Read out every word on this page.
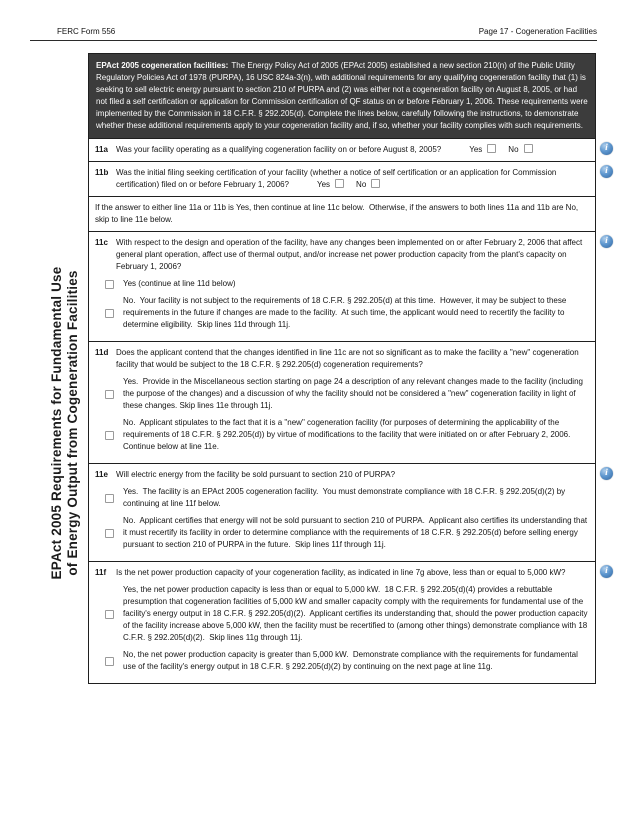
FERC Form 556	Page 17 - Cogeneration Facilities
EPAct 2005 Requirements for Fundamental Use of Energy Output from Cogeneration Facilities
EPAct 2005 cogeneration facilities: The Energy Policy Act of 2005 (EPAct 2005) established a new section 210(n) of the Public Utility Regulatory Policies Act of 1978 (PURPA), 16 USC 824a-3(n), with additional requirements for any qualifying cogeneration facility that (1) is seeking to sell electric energy pursuant to section 210 of PURPA and (2) was either not a cogeneration facility on August 8, 2005, or had not filed a self certification or application for Commission certification of QF status on or before February 1, 2006. These requirements were implemented by the Commission in 18 C.F.R. § 292.205(d). Complete the lines below, carefully following the instructions, to demonstrate whether these additional requirements apply to your cogeneration facility and, if so, whether your facility complies with such requirements.
11a	Was your facility operating as a qualifying cogeneration facility on or before August 8, 2005?	Yes	No	i
11b Was the initial filing seeking certification of your facility (whether a notice of self certification or an application for Commission certification) filed on or before February 1, 2006?	Yes	No
i
If the answer to either line 11a or 11b is Yes, then continue at line 11c below.  Otherwise, if the answers to both lines 11a and 11b are No, skip to line 11e below.
11c	With respect to the design and operation of the facility, have any changes been implemented on or after February 2, 2006 that affect general plant operation, affect use of thermal output, and/or increase net power production capacity from the plant's capacity on February 1, 2006?
Yes (continue at line 11d below)
No.  Your facility is not subject to the requirements of 18 C.F.R. § 292.205(d) at this time.  However, it may be subject to these requirements in the future if changes are made to the facility.  At such time, the applicant would need to recertify the facility to determine eligibility.  Skip lines 11d through 11j.
i
11d Does the applicant contend that the changes identified in line 11c are not so significant as to make the facility a "new" cogeneration facility that would be subject to the 18 C.F.R. § 292.205(d) cogeneration requirements?
Yes.  Provide in the Miscellaneous section starting on page 24 a description of any relevant changes made to the facility (including the purpose of the changes) and a discussion of why the facility should not be considered a "new" cogeneration facility in light of these changes. Skip lines 11e through 11j.
No.  Applicant stipulates to the fact that it is a "new" cogeneration facility (for purposes of determining the applicability of the requirements of 18 C.F.R. § 292.205(d)) by virtue of modifications to the facility that were initiated on or after February 2, 2006.  Continue below at line 11e.
11e	Will electric energy from the facility be sold pursuant to section 210 of PURPA?
Yes.  The facility is an EPAct 2005 cogeneration facility.  You must demonstrate compliance with 18 C.F.R. § 292.205(d)(2) by continuing at line 11f below.
No.  Applicant certifies that energy will not be sold pursuant to section 210 of PURPA.  Applicant also certifies its understanding that it must recertify its facility in order to determine compliance with the requirements of 18 C.F.R. § 292.205(d) before selling energy pursuant to section 210 of PURPA in the future.  Skip lines 11f through 11j.
i
11f	Is the net power production capacity of your cogeneration facility, as indicated in line 7g above, less than or equal to 5,000 kW?
Yes, the net power production capacity is less than or equal to 5,000 kW.  18 C.F.R. § 292.205(d)(4) provides a rebuttable presumption that cogeneration facilities of 5,000 kW and smaller capacity comply with the requirements for fundamental use of the facility's energy output in 18 C.F.R. § 292.205(d)(2).  Applicant certifies its understanding that, should the power production capacity of the facility increase above 5,000 kW, then the facility must be recertified to (among other things) demonstrate compliance with 18 C.F.R. § 292.205(d)(2).  Skip lines 11g through 11j.
No, the net power production capacity is greater than 5,000 kW.  Demonstrate compliance with the requirements for fundamental use of the facility's energy output in 18 C.F.R. § 292.205(d)(2) by continuing on the next page at line 11g.
i
